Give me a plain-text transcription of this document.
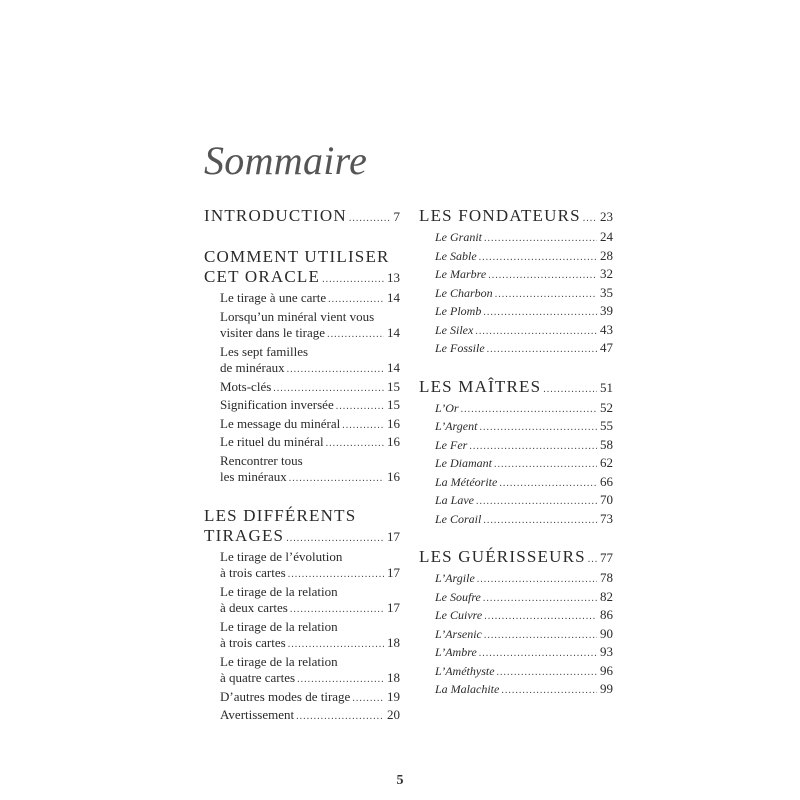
Sommaire
INTRODUCTION .....	7
COMMENT UTILISER
CET ORACLE .....	13
Le tirage à une carte .....	14
Lorsqu’un minéral vient vous
visiter dans le tirage .....	14
Les sept familles
de minéraux .....	14
Mots-clés .....	15
Signification inversée .....	15
Le message du minéral .....	16
Le rituel du minéral .....	16
Rencontrer tous
les minéraux .....	16
LES DIFFÉRENTS
TIRAGES .....	17
Le tirage de l’évolution
à trois cartes .....	17
Le tirage de la relation
à deux cartes .....	17
Le tirage de la relation
à trois cartes .....	18
Le tirage de la relation
à quatre cartes .....	18
D’autres modes de tirage .....	19
Avertissement .....	20
LES FONDATEURS ..... 23
Le Granit .....	24
Le Sable .....	28
Le Marbre .....	32
Le Charbon .....	35
Le Plomb .....	39
Le Silex .....	43
Le Fossile .....	47
LES MAÎTRES .....	51
L’Or .....	52
L’Argent .....	55
Le Fer .....	58
Le Diamant .....	62
La Météorite .....	66
La Lave .....	70
Le Corail .....	73
LES GUÉRISSEURS ..... 77
L’Argile .....	78
Le Soufre .....	82
Le Cuivre .....	86
L’Arsenic .....	90
L’Ambre .....	93
L’Améthyste .....	96
La Malachite .....	99
5
